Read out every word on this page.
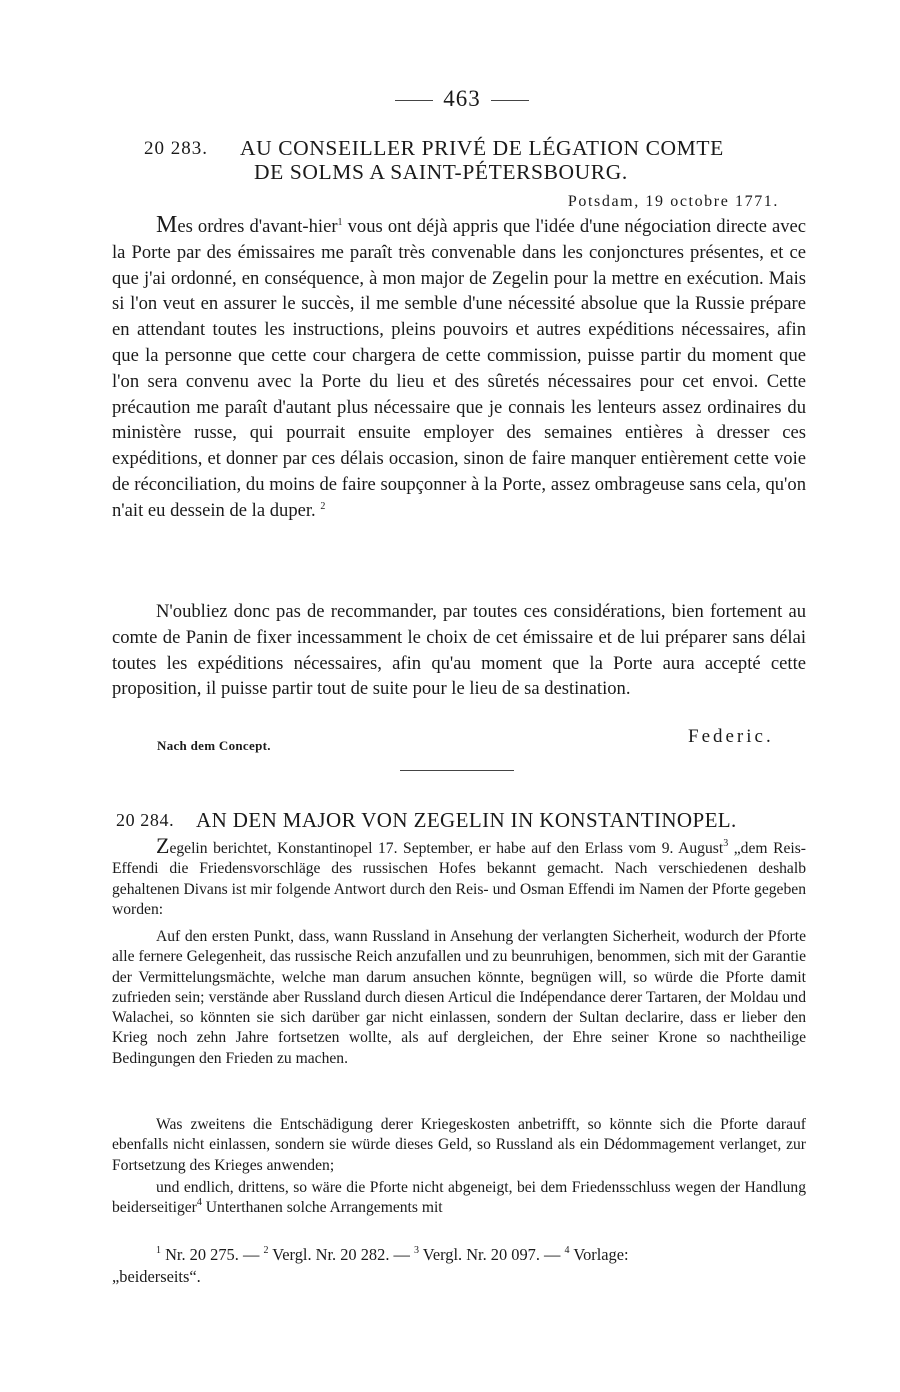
463
20 283. AU CONSEILLER PRIVÉ DE LÉGATION COMTE
DE SOLMS A SAINT-PÉTERSBOURG.
Potsdam, 19 octobre 1771.

Mes ordres d'avant-hier$^1$ vous ont déjà appris que l'idée d'une négociation directe avec la Porte par des émissaires me paraît très convenable dans les conjonctures présentes, et ce que j'ai ordonné, en conséquence, à mon major de Zegelin pour la mettre en exécution. Mais si l'on veut en assurer le succès, il me semble d'une nécessité absolue que la Russie prépare en attendant toutes les instructions, pleins pouvoirs et autres expéditions nécessaires, afin que la personne que cette cour chargera de cette commission, puisse partir du moment que l'on sera convenu avec la Porte du lieu et des sûretés nécessaires pour cet envoi. Cette précaution me paraît d'autant plus nécessaire que je connais les lenteurs assez ordinaires du ministère russe, qui pourrait ensuite employer des semaines entières à dresser ces expéditions, et donner par ces délais occasion, sinon de faire manquer entièrement cette voie de réconciliation, du moins de faire soupçonner à la Porte, assez ombrageuse sans cela, qu'on n'ait eu dessein de la duper. $^2$

N'oubliez donc pas de recommander, par toutes ces considérations, bien fortement au comte de Panin de fixer incessamment le choix de cet émissaire et de lui préparer sans délai toutes les expéditions nécessaires, afin qu'au moment que la Porte aura accepté cette proposition, il puisse partir tout de suite pour le lieu de sa destination.

Nach dem Concept.	Federic.
20 284. AN DEN MAJOR VON ZEGELIN IN KONSTANTINOPEL.

Zegelin berichtet, Konstantinopel 17. September, er habe auf den Erlass vom 9. August$^3$ „dem Reis-Effendi die Friedensvorschläge des russischen Hofes bekannt gemacht. Nach verschiedenen deshalb gehaltenen Divans ist mir folgende Antwort durch den Reis- und Osman Effendi im Namen der Pforte gegeben worden:

Auf den ersten Punkt, dass, wann Russland in Ansehung der verlangten Sicherheit, wodurch der Pforte alle fernere Gelegenheit, das russische Reich anzufallen und zu beunruhigen, benommen, sich mit der Garantie der Vermittelungsmächte, welche man darum ansuchen könnte, begnügen will, so würde die Pforte damit zufrieden sein; verstände aber Russland durch diesen Articul die Indépendance derer Tartaren, der Moldau und Walachei, so könnten sie sich darüber gar nicht einlassen, sondern der Sultan declarire, dass er lieber den Krieg noch zehn Jahre fortsetzen wollte, als auf dergleichen, der Ehre seiner Krone so nachtheilige Bedingungen den Frieden zu machen.

Was zweitens die Entschädigung derer Kriegeskosten anbetrifft, so könnte sich die Pforte darauf ebenfalls nicht einlassen, sondern sie würde dieses Geld, so Russland als ein Dédommagement verlanget, zur Fortsetzung des Krieges anwenden;

und endlich, drittens, so wäre die Pforte nicht abgeneigt, bei dem Friedensschluss wegen der Handlung beiderseitiger$^4$ Unterthanen solche Arrangements mit

$^1$ Nr. 20 275. — $^2$ Vergl. Nr. 20 282. — $^3$ Vergl. Nr. 20 097. — $^4$ Vorlage:
„beiderseits“.
